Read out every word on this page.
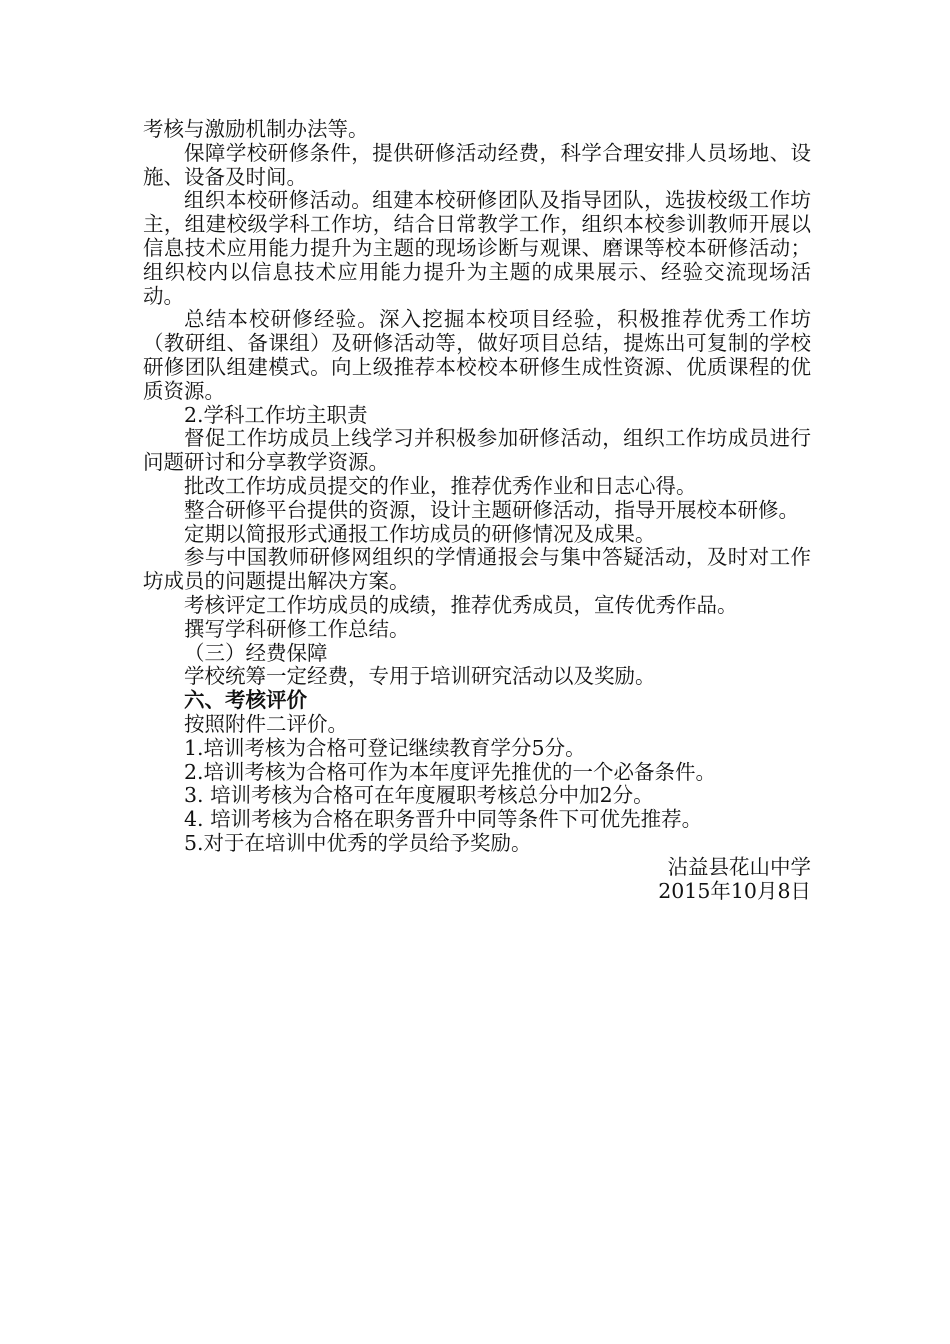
考核与激励机制办法等。

保障学校研修条件，提供研修活动经费，科学合理安排人员场地、设施、设备及时间。

组织本校研修活动。组建本校研修团队及指导团队，选拔校级工作坊主，组建校级学科工作坊，结合日常教学工作，组织本校参训教师开展以信息技术应用能力提升为主题的现场诊断与观课、磨课等校本研修活动；组织校内以信息技术应用能力提升为主题的成果展示、经验交流现场活动。

总结本校研修经验。深入挖掘本校项目经验，积极推荐优秀工作坊（教研组、备课组）及研修活动等，做好项目总结，提炼出可复制的学校研修团队组建模式。向上级推荐本校校本研修生成性资源、优质课程的优质资源。

2.学科工作坊主职责

督促工作坊成员上线学习并积极参加研修活动，组织工作坊成员进行问题研讨和分享教学资源。

批改工作坊成员提交的作业，推荐优秀作业和日志心得。

整合研修平台提供的资源，设计主题研修活动，指导开展校本研修。

定期以简报形式通报工作坊成员的研修情况及成果。

参与中国教师研修网组织的学情通报会与集中答疑活动，及时对工作坊成员的问题提出解决方案。

考核评定工作坊成员的成绩，推荐优秀成员，宣传优秀作品。

撰写学科研修工作总结。

（三）经费保障

学校统筹一定经费，专用于培训研究活动以及奖励。

六、考核评价

按照附件二评价。

1.培训考核为合格可登记继续教育学分5分。

2.培训考核为合格可作为本年度评先推优的一个必备条件。

3. 培训考核为合格可在年度履职考核总分中加2分。

4. 培训考核为合格在职务晋升中同等条件下可优先推荐。

5.对于在培训中优秀的学员给予奖励。

沾益县花山中学

2015年10月8日
